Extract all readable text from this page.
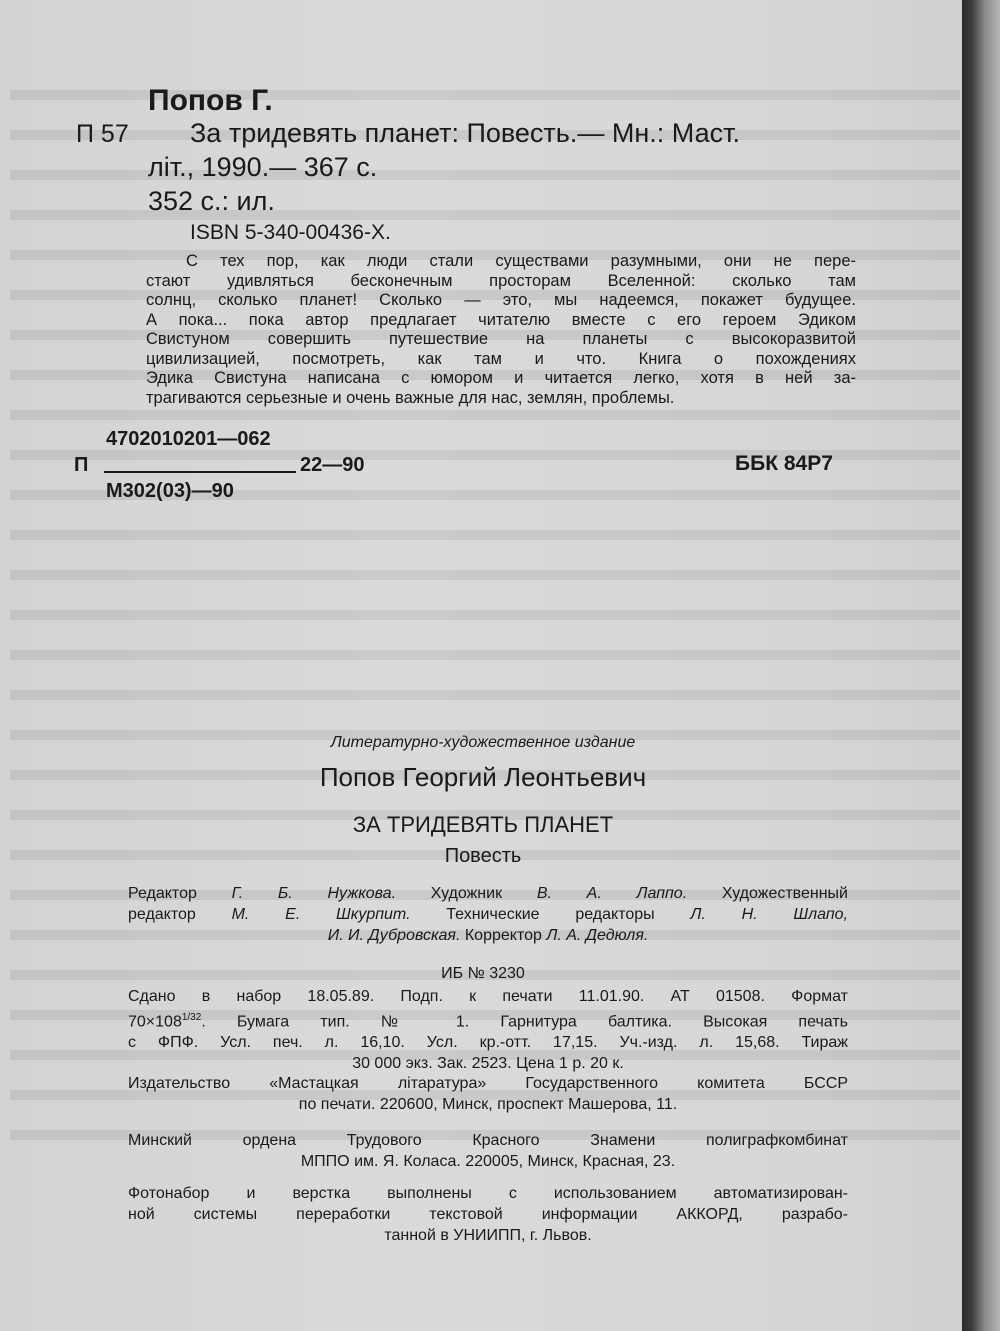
Попов Г.
П 57 За тридевять планет: Повесть.— Мн.: Маст.
літ., 1990.— 367 с.
352 с.: ил.
ISBN 5-340-00436-X.
С тех пор, как люди стали существами разумными, они не пере-
стают удивляться бесконечным просторам Вселенной: сколько там
солнц, сколько планет! Сколько — это, мы надеемся, покажет будущее.
А пока... пока автор предлагает читателю вместе с его героем Эдиком
Свистуном совершить путешествие на планеты с высокоразвитой
цивилизацией, посмотреть, как там и что. Книга о похождениях
Эдика Свистуна написана с юмором и читается легко, хотя в ней за-
трагиваются серьезные и очень важные для нас, землян, проблемы.
4702010201—062
П	22—90
М302(03)—90
ББК 84Р7
Литературно-художественное издание
Попов Георгий Леонтьевич
ЗА ТРИДЕВЯТЬ ПЛАНЕТ
Повесть
Редактор Г. Б. Нужкова. Художник В. А. Лаппо. Художественный
редактор М. Е. Шкурпит. Технические редакторы Л. Н. Шлапо,
И. И. Дубровская. Корректор Л. А. Дедюля.
ИБ № 3230
Сдано в набор 18.05.89. Подп. к печати 11.01.90. АТ 01508. Формат
$70\times 108^{1/32}$. Бумага тип. № 1. Гарнитура балтика. Высокая печать
с ФПФ. Усл. печ. л. 16,10. Усл. кр.-отт. 17,15. Уч.-изд. л. 15,68. Тираж
30 000 экз. Зак. 2523. Цена 1 р. 20 к.
Издательство «Мастацкая літаратура» Государственного комитета БССР
по печати. 220600, Минск, проспект Машерова, 11.
Минский ордена Трудового Красного Знамени полиграфкомбинат
МППО им. Я. Коласа. 220005, Минск, Красная, 23.
Фотонабор и верстка выполнены с использованием автоматизирован-
ной системы переработки текстовой информации АККОРД, разрабо-
танной в УНИИПП, г. Львов.
